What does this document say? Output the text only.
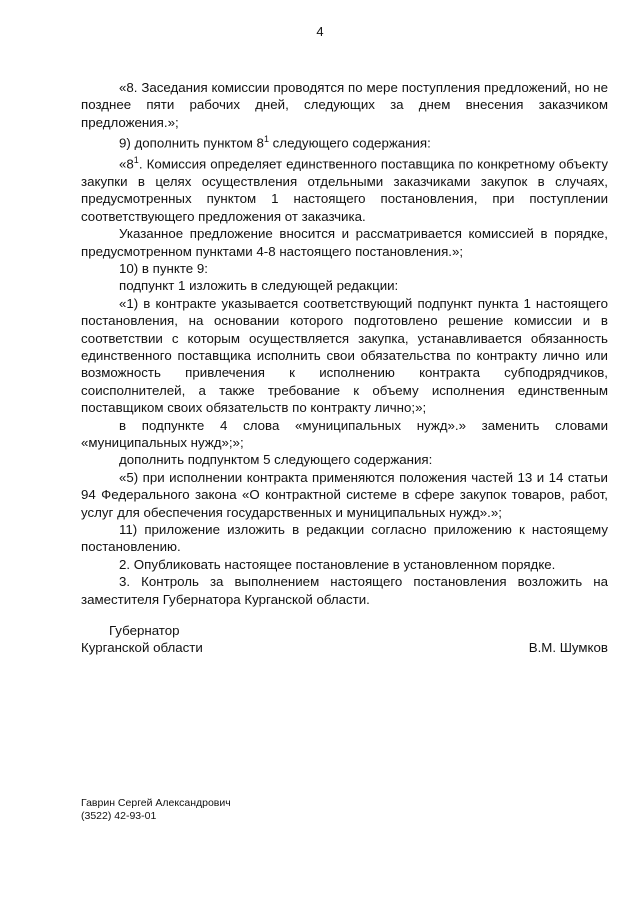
4

«8. Заседания комиссии проводятся по мере поступления предложений, но не позднее пяти рабочих дней, следующих за днем внесения заказчиком предложения.»;

9) дополнить пунктом $8^1$ следующего содержания:

«$8^1$. Комиссия определяет единственного поставщика по конкретному объекту закупки в целях осуществления отдельными заказчиками закупок в случаях, предусмотренных пунктом 1 настоящего постановления, при поступлении соответствующего предложения от заказчика.

Указанное предложение вносится и рассматривается комиссией в порядке, предусмотренном пунктами 4-8 настоящего постановления.»;

10) в пункте 9:

подпункт 1 изложить в следующей редакции:

«1) в контракте указывается соответствующий подпункт пункта 1 настоящего постановления, на основании которого подготовлено решение комиссии и в соответствии с которым осуществляется закупка, устанавливается обязанность единственного поставщика исполнить свои обязательства по контракту лично или возможность привлечения к исполнению контракта субподрядчиков, соисполнителей, а также требование к объему исполнения единственным поставщиком своих обязательств по контракту лично;»;

в подпункте 4 слова «муниципальных нужд».» заменить словами «муниципальных нужд»;»;

дополнить подпунктом 5 следующего содержания:

«5) при исполнении контракта применяются положения частей 13 и 14 статьи 94 Федерального закона «О контрактной системе в сфере закупок товаров, работ, услуг для обеспечения государственных и муниципальных нужд».»;

11) приложение изложить в редакции согласно приложению к настоящему постановлению.

2. Опубликовать настоящее постановление в установленном порядке.

3. Контроль за выполнением настоящего постановления возложить на заместителя Губернатора Курганской области.

Губернатор
Курганской области	В.М. Шумков
Гаврин Сергей Александрович
(3522) 42-93-01
